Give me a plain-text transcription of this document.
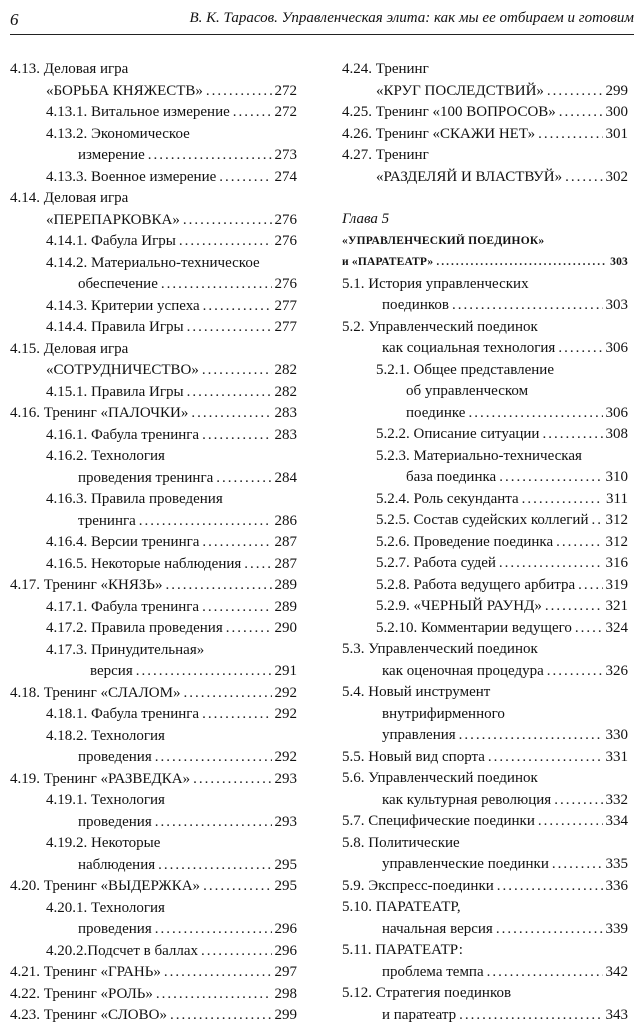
6	В. К. Тарасов. Управленческая элита: как мы ее отбираем и готовим
4.13. Деловая игра
«БОРЬБА КНЯЖЕСТВ» .....	272
4.13.1. Витальное измерение .....	272
4.13.2. Экономическое
измерение .....	273
4.13.3. Военное измерение .....	274
4.14. Деловая игра
«ПЕРЕПАРКОВКА» .....	276
4.14.1. Фабула Игры .....	276
4.14.2. Материально-техническое
обеспечение .....	276
4.14.3. Критерии успеха .....	277
4.14.4. Правила Игры .....	277
4.15. Деловая игра
«СОТРУДНИЧЕСТВО» .....	282
4.15.1. Правила Игры .....	282
4.16. Тренинг «ПАЛОЧКИ» .....	283
4.16.1. Фабула тренинга .....	283
4.16.2. Технология
проведения тренинга .....	284
4.16.3. Правила проведения
тренинга .....	286
4.16.4. Версии тренинга .....	287
4.16.5. Некоторые наблюдения ..... 287
4.17. Тренинг «КНЯЗЬ» .....	289
4.17.1. Фабула тренинга .....	289
4.17.2. Правила проведения .....	290
4.17.3. Принудительная»
версия .....	291
4.18. Тренинг «СЛАЛОМ» .....	292
4.18.1. Фабула тренинга .....	292
4.18.2. Технология
проведения .....	292
4.19. Тренинг «РАЗВЕДКА» .....	293
4.19.1. Технология
проведения .....	293
4.19.2. Некоторые
наблюдения .....	295
4.20. Тренинг «ВЫДЕРЖКА» .....	295
4.20.1. Технология
проведения .....	296
4.20.2.Подсчет в баллах .....	296
4.21. Тренинг «ГРАНЬ» .....	297
4.22. Тренинг «РОЛЬ» .....	298
4.23. Тренинг «СЛОВО» .....	299
4.24. Тренинг
«КРУГ ПОСЛЕДСТВИЙ» .....	299
4.25. Тренинг «100 ВОПРОСОВ» .....	300
4.26. Тренинг «СКАЖИ НЕТ» .....	301
4.27. Тренинг
«РАЗДЕЛЯЙ И ВЛАСТВУЙ» .....	302
Глава 5
«УПРАВЛЕНЧЕСКИЙ ПОЕДИНОК»
и «ПАРАТЕАТР» .....	303
5.1. История управленческих
поединков .....	303
5.2. Управленческий поединок
как социальная технология .....	306
5.2.1. Общее представление
об управленческом
поединке .....	306
5.2.2. Описание ситуации .....	308
5.2.3. Материально-техническая
база поединка .....	310
5.2.4. Роль секунданта .....	311
5.2.5. Состав судейских коллегий ..... 312
5.2.6. Проведение поединка .....	312
5.2.7. Работа судей .....	316
5.2.8. Работа ведущего арбитра ..... 319
5.2.9. «ЧЕРНЫЙ РАУНД» .....	321
5.2.10. Комментарии ведущего ..... 324
5.3. Управленческий поединок
как оценочная процедура .....	326
5.4. Новый инструмент
внутрифирменного
управления .....	330
5.5. Новый вид спорта .....	331
5.6. Управленческий поединок
как культурная революция .....	332
5.7. Специфические поединки .....	334
5.8. Политические
управленческие поединки .....	335
5.9. Экспресс-поединки .....	336
5.10. ПАРАТЕАТР,
начальная версия .....	339
5.11. ПАРАТЕАТР:
проблема темпа .....	342
5.12. Стратегия поединков
и паратеатр .....	343
